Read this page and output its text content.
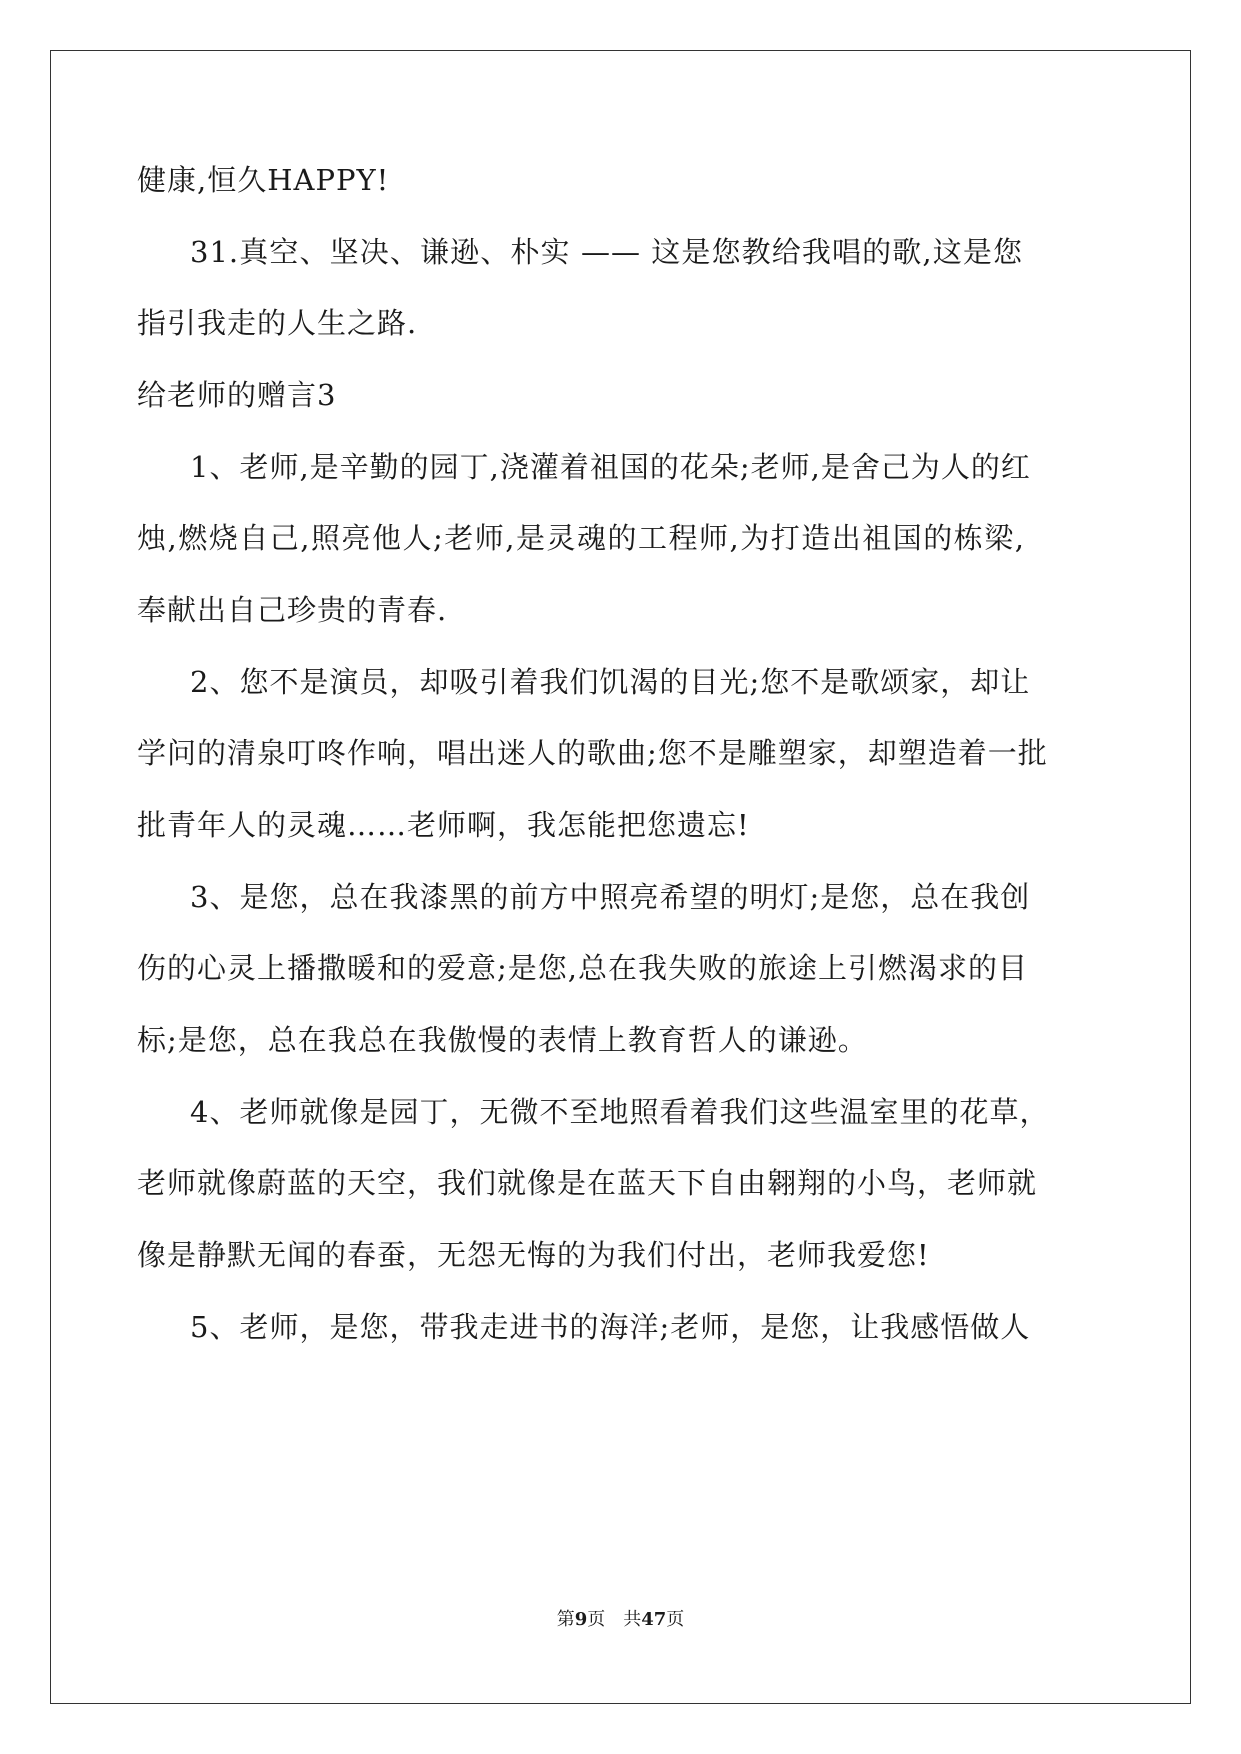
健康,恒久HAPPY!
31.真空、坚决、谦逊、朴实 —— 这是您教给我唱的歌,这是您
指引我走的人生之路.
给老师的赠言3
1、老师,是辛勤的园丁,浇灌着祖国的花朵;老师,是舍己为人的红
烛,燃烧自己,照亮他人;老师,是灵魂的工程师,为打造出祖国的栋梁,
奉献出自己珍贵的青春.
2、您不是演员，却吸引着我们饥渴的目光;您不是歌颂家，却让
学问的清泉叮咚作响，唱出迷人的歌曲;您不是雕塑家，却塑造着一批
批青年人的灵魂……老师啊，我怎能把您遗忘!
3、是您，总在我漆黑的前方中照亮希望的明灯;是您，总在我创
伤的心灵上播撒暖和的爱意;是您,总在我失败的旅途上引燃渴求的目
标;是您，总在我总在我傲慢的表情上教育哲人的谦逊。
4、老师就像是园丁，无微不至地照看着我们这些温室里的花草，
老师就像蔚蓝的天空，我们就像是在蓝天下自由翱翔的小鸟，老师就
像是静默无闻的春蚕，无怨无悔的为我们付出，老师我爱您!
5、老师，是您，带我走进书的海洋;老师，是您，让我感悟做人
第9页　共47页
